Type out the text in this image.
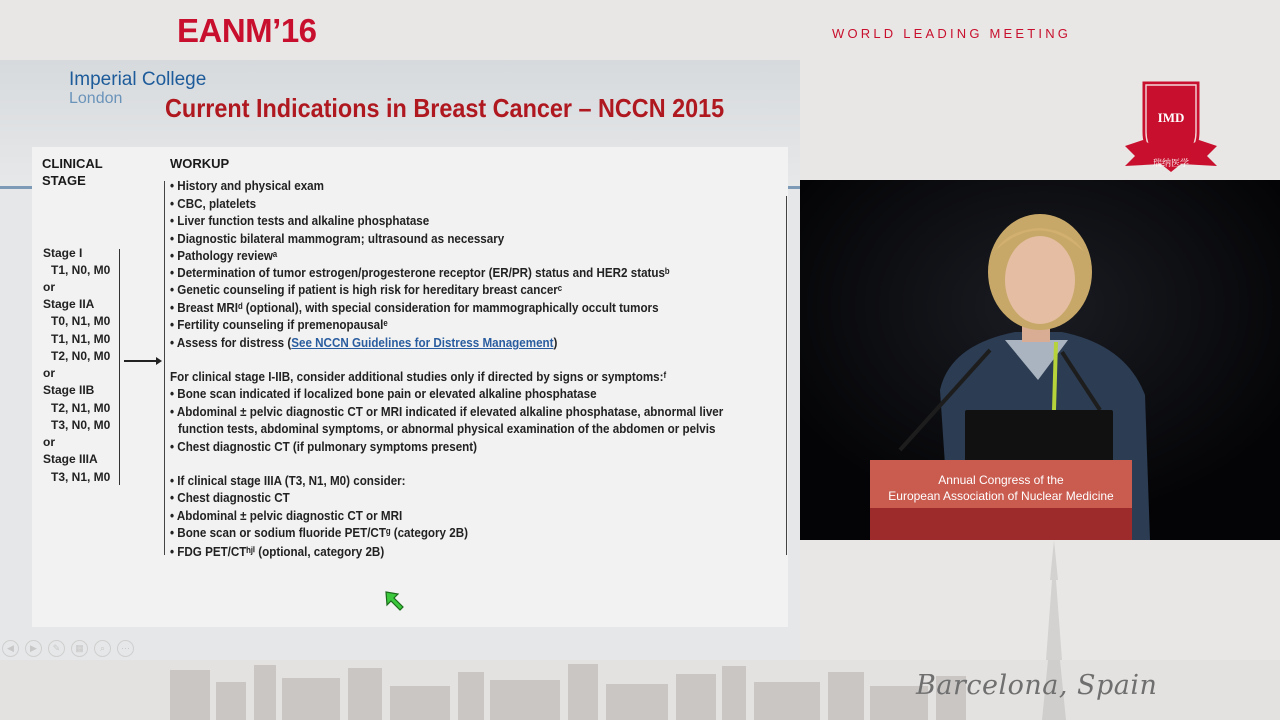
EANM’16	WORLD LEADING MEETING
Imperial College
London Current Indications in Breast Cancer – NCCN 2015
CLINICAL
STAGE
WORKUP
Stage I
T1, N0, M0
or
Stage IIA
T0, N1, M0
T1, N1, M0
T2, N0, M0
or
Stage IIB
T2, N1, M0
T3, N0, M0
or
Stage IIIA
T3, N1, M0
• History and physical exam
• CBC, platelets
• Liver function tests and alkaline phosphatase
• Diagnostic bilateral mammogram; ultrasound as necessary
• Pathology reviewᵃ
• Determination of tumor estrogen/progesterone receptor (ER/PR) status and HER2 statusᵇ
• Genetic counseling if patient is high risk for hereditary breast cancerᶜ
• Breast MRIᵈ (optional), with special consideration for mammographically occult tumors
• Fertility counseling if premenopausalᵉ
• Assess for distress (See NCCN Guidelines for Distress Management)
For clinical stage I-IIB, consider additional studies only if directed by signs or symptoms:ᶠ
• Bone scan indicated if localized bone pain or elevated alkaline phosphatase
• Abdominal ± pelvic diagnostic CT or MRI indicated if elevated alkaline phosphatase, abnormal liver
function tests, abdominal symptoms, or abnormal physical examination of the abdomen or pelvis
• Chest diagnostic CT (if pulmonary symptoms present)
• If clinical stage IIIA (T3, N1, M0) consider:
• Chest diagnostic CT
• Abdominal ± pelvic diagnostic CT or MRI
• Bone scan or sodium fluoride PET/CTᵍ (category 2B)
• FDG PET/CTʰʲⁱ (optional, category 2B)
◀	▶	✎	▦	⌕	⋯
IMD
瑞纳医学
Annual Congress of the
European Association of Nuclear Medicine
Barcelona, Spain
